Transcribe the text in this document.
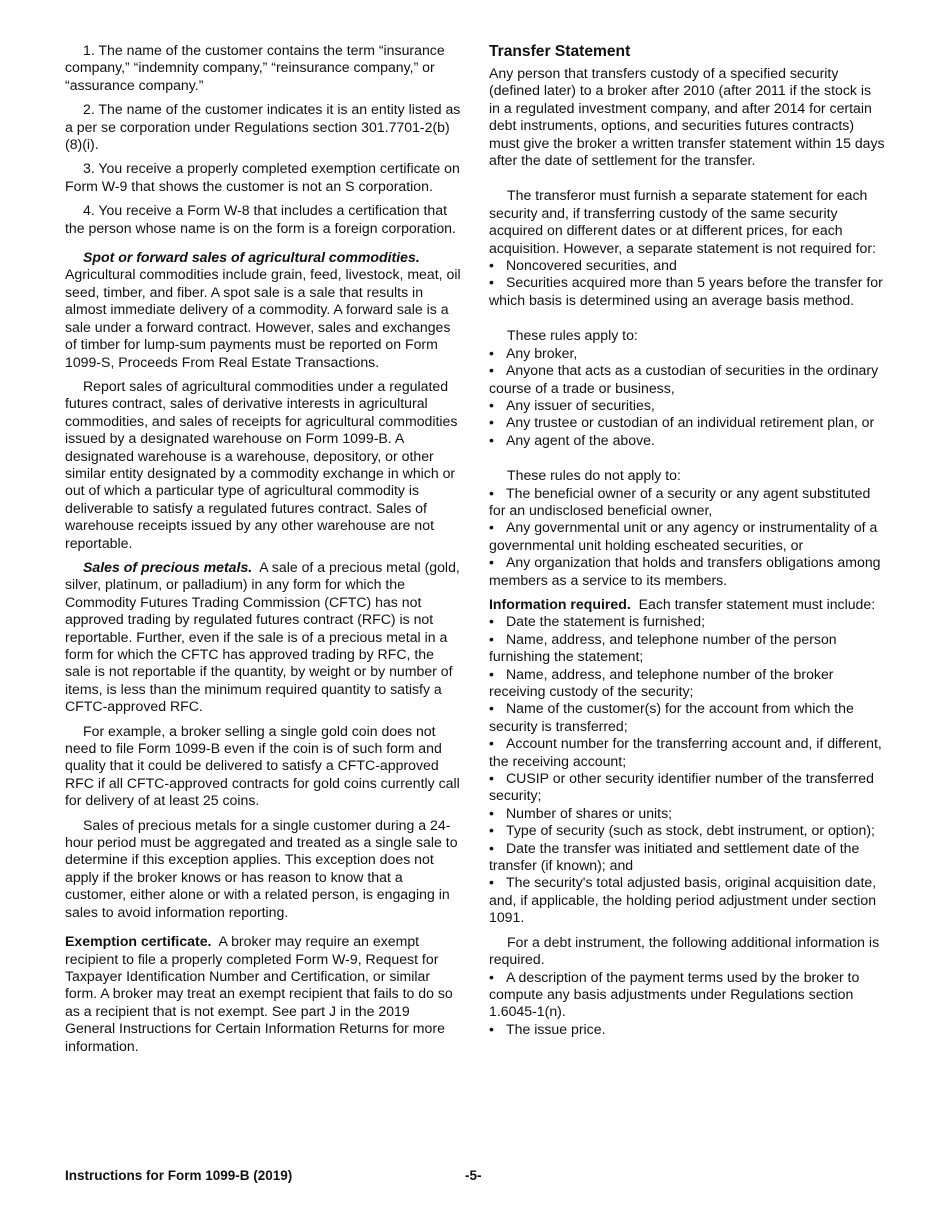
1. The name of the customer contains the term “insurance company,” “indemnity company,” “reinsurance company,” or “assurance company.”

2. The name of the customer indicates it is an entity listed as a per se corporation under Regulations section 301.7701-2(b)(8)(i).

3. You receive a properly completed exemption certificate on Form W-9 that shows the customer is not an S corporation.

4. You receive a Form W-8 that includes a certification that the person whose name is on the form is a foreign corporation.

Spot or forward sales of agricultural commodities. Agricultural commodities include grain, feed, livestock, meat, oil seed, timber, and fiber. A spot sale is a sale that results in almost immediate delivery of a commodity. A forward sale is a sale under a forward contract. However, sales and exchanges of timber for lump-sum payments must be reported on Form 1099-S, Proceeds From Real Estate Transactions.

Report sales of agricultural commodities under a regulated futures contract, sales of derivative interests in agricultural commodities, and sales of receipts for agricultural commodities issued by a designated warehouse on Form 1099-B. A designated warehouse is a warehouse, depository, or other similar entity designated by a commodity exchange in which or out of which a particular type of agricultural commodity is deliverable to satisfy a regulated futures contract. Sales of warehouse receipts issued by any other warehouse are not reportable.

Sales of precious metals. A sale of a precious metal (gold, silver, platinum, or palladium) in any form for which the Commodity Futures Trading Commission (CFTC) has not approved trading by regulated futures contract (RFC) is not reportable. Further, even if the sale is of a precious metal in a form for which the CFTC has approved trading by RFC, the sale is not reportable if the quantity, by weight or by number of items, is less than the minimum required quantity to satisfy a CFTC-approved RFC.

For example, a broker selling a single gold coin does not need to file Form 1099-B even if the coin is of such form and quality that it could be delivered to satisfy a CFTC-approved RFC if all CFTC-approved contracts for gold coins currently call for delivery of at least 25 coins.

Sales of precious metals for a single customer during a 24-hour period must be aggregated and treated as a single sale to determine if this exception applies. This exception does not apply if the broker knows or has reason to know that a customer, either alone or with a related person, is engaging in sales to avoid information reporting.

Exemption certificate. A broker may require an exempt recipient to file a properly completed Form W-9, Request for Taxpayer Identification Number and Certification, or similar form. A broker may treat an exempt recipient that fails to do so as a recipient that is not exempt. See part J in the 2019 General Instructions for Certain Information Returns for more information.

Transfer Statement

Any person that transfers custody of a specified security (defined later) to a broker after 2010 (after 2011 if the stock is in a regulated investment company, and after 2014 for certain debt instruments, options, and securities futures contracts) must give the broker a written transfer statement within 15 days after the date of settlement for the transfer.

The transferor must furnish a separate statement for each security and, if transferring custody of the same security acquired on different dates or at different prices, for each acquisition. However, a separate statement is not required for:

• Noncovered securities, and

• Securities acquired more than 5 years before the transfer for which basis is determined using an average basis method.

These rules apply to:

• Any broker,

• Anyone that acts as a custodian of securities in the ordinary course of a trade or business,

• Any issuer of securities,

• Any trustee or custodian of an individual retirement plan, or

• Any agent of the above.

These rules do not apply to:

• The beneficial owner of a security or any agent substituted for an undisclosed beneficial owner,

• Any governmental unit or any agency or instrumentality of a governmental unit holding escheated securities, or

• Any organization that holds and transfers obligations among members as a service to its members.

Information required. Each transfer statement must include:

• Date the statement is furnished;

• Name, address, and telephone number of the person furnishing the statement;

• Name, address, and telephone number of the broker receiving custody of the security;

• Name of the customer(s) for the account from which the security is transferred;

• Account number for the transferring account and, if different, the receiving account;

• CUSIP or other security identifier number of the transferred security;

• Number of shares or units;

• Type of security (such as stock, debt instrument, or option);

• Date the transfer was initiated and settlement date of the transfer (if known); and

• The security's total adjusted basis, original acquisition date, and, if applicable, the holding period adjustment under section 1091.

For a debt instrument, the following additional information is required.

• A description of the payment terms used by the broker to compute any basis adjustments under Regulations section 1.6045-1(n).

• The issue price.

Instructions for Form 1099-B (2019)	-5-
